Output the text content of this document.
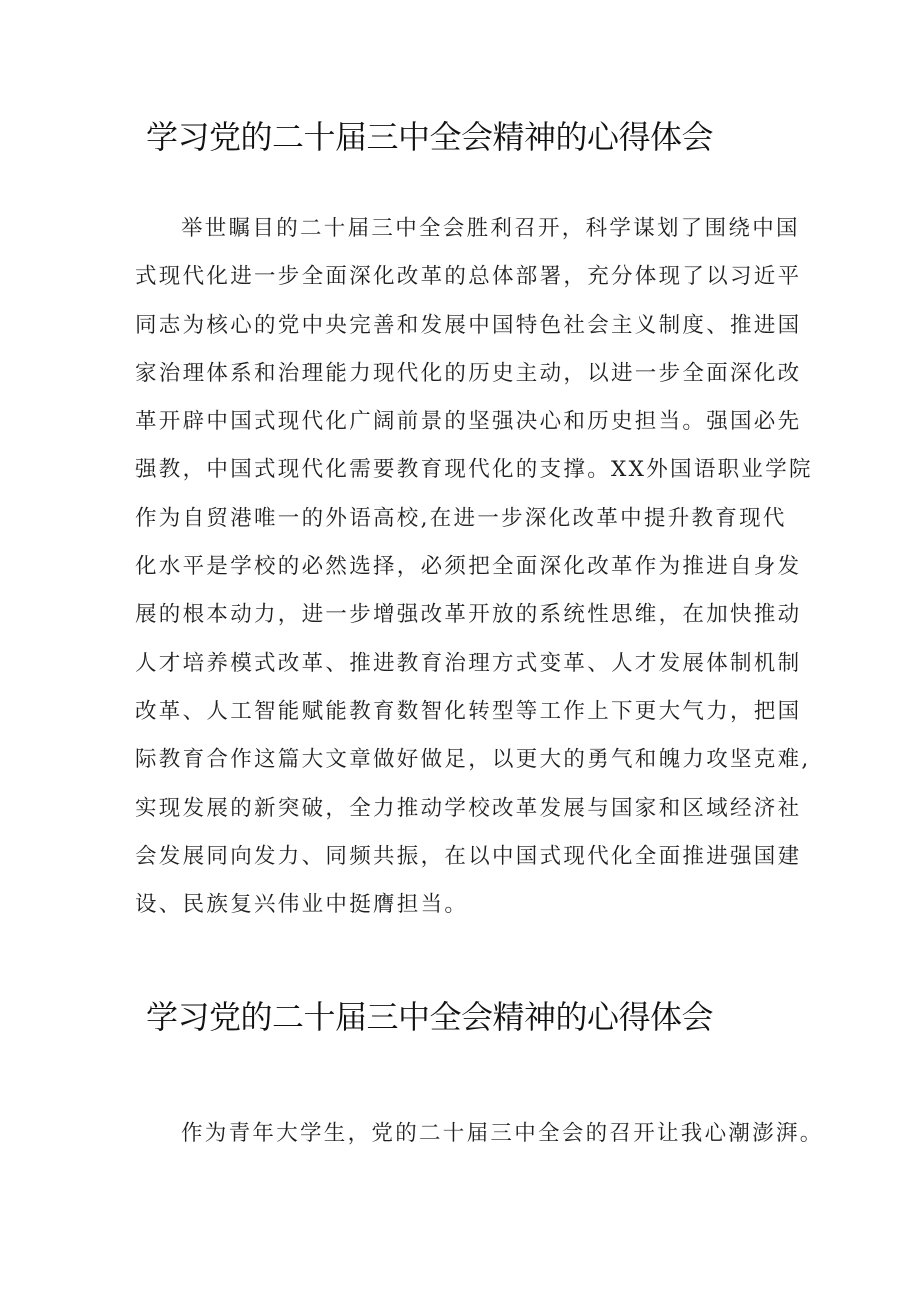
学习党的二十届三中全会精神的心得体会
举世瞩目的二十届三中全会胜利召开，科学谋划了围绕中国
式现代化进一步全面深化改革的总体部署，充分体现了以习近平
同志为核心的党中央完善和发展中国特色社会主义制度、推进国
家治理体系和治理能力现代化的历史主动，以进一步全面深化改
革开辟中国式现代化广阔前景的坚强决心和历史担当。强国必先
强教，中国式现代化需要教育现代化的支撑。XX外国语职业学院
作为自贸港唯一的外语高校,在进一步深化改革中提升教育现代
化水平是学校的必然选择，必须把全面深化改革作为推进自身发
展的根本动力，进一步增强改革开放的系统性思维，在加快推动
人才培养模式改革、推进教育治理方式变革、人才发展体制机制
改革、人工智能赋能教育数智化转型等工作上下更大气力，把国
际教育合作这篇大文章做好做足，以更大的勇气和魄力攻坚克难,
实现发展的新突破，全力推动学校改革发展与国家和区域经济社
会发展同向发力、同频共振，在以中国式现代化全面推进强国建
设、民族复兴伟业中挺膺担当。
学习党的二十届三中全会精神的心得体会

作为青年大学生，党的二十届三中全会的召开让我心潮澎湃。
